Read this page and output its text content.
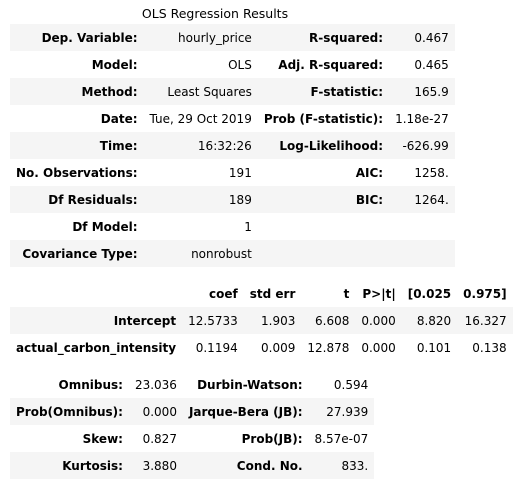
OLS Regression Results
Dep. Variable:	hourly_price	R-squared:	0.467
Model:	OLS	Adj. R-squared:	0.465
Method:	Least Squares	F-statistic:	165.9
Date:	Tue, 29 Oct 2019	Prob (F-statistic):	1.18e-27
Time:	16:32:26	Log-Likelihood:	-626.99
No. Observations:	191	AIC:	1258.
Df Residuals:	189	BIC:	1264.
Df Model:	1		
Covariance Type:	nonrobust		
	coef	std err	t	P>|t|	[0.025	0.975]
Intercept	12.5733	1.903	6.608	0.000	8.820	16.327
actual_carbon_intensity	0.1194	0.009	12.878	0.000	0.101	0.138
Omnibus:	23.036	Durbin-Watson:	0.594
Prob(Omnibus):	0.000	Jarque-Bera (JB):	27.939
Skew:	0.827	Prob(JB):	8.57e-07
Kurtosis:	3.880	Cond. No.	833.
